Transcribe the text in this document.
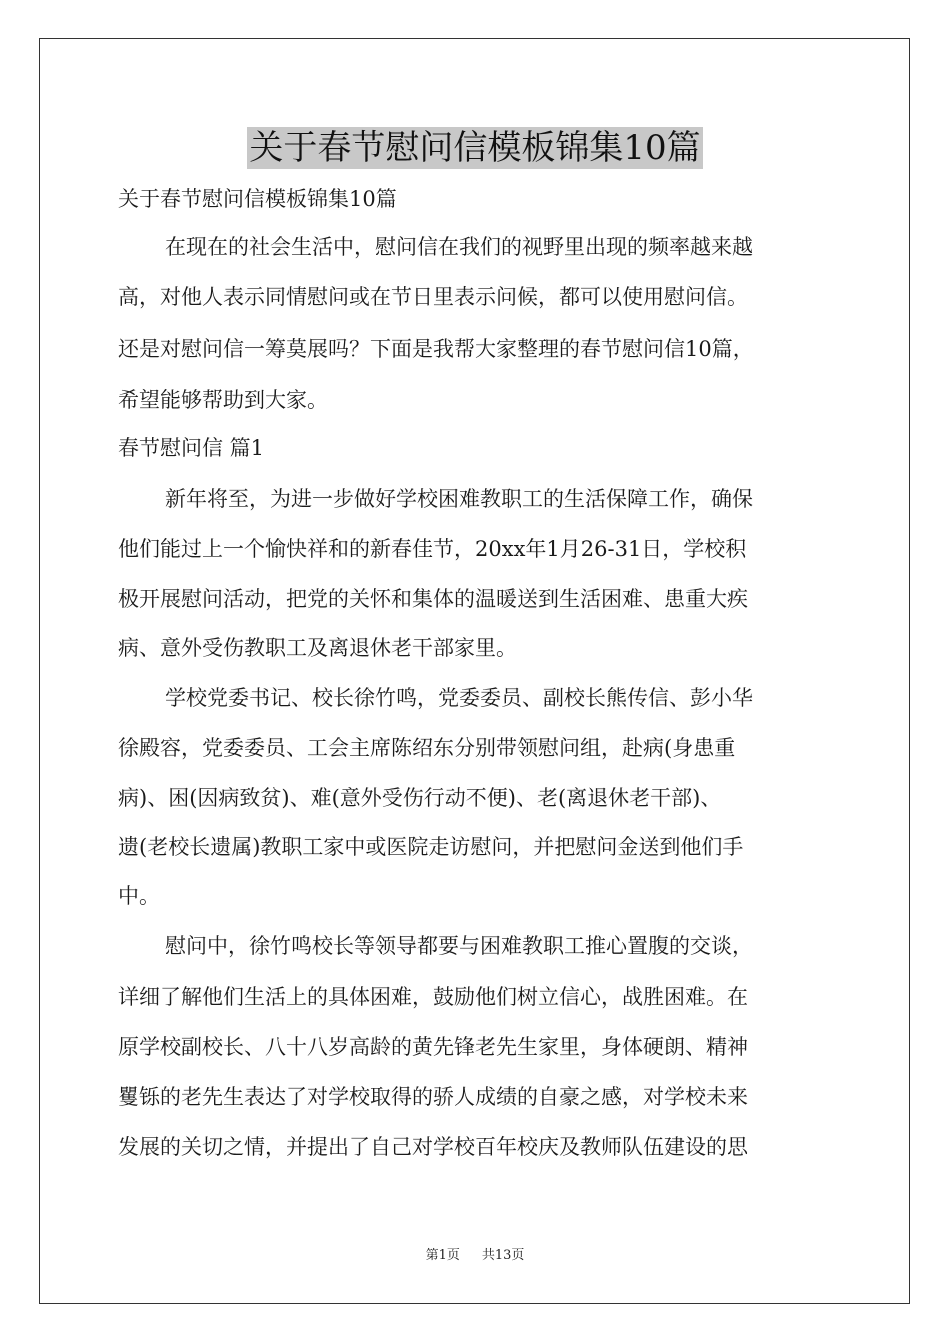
关于春节慰问信模板锦集10篇
关于春节慰问信模板锦集10篇
在现在的社会生活中，慰问信在我们的视野里出现的频率越来越
高，对他人表示同情慰问或在节日里表示问候，都可以使用慰问信。
还是对慰问信一筹莫展吗？下面是我帮大家整理的春节慰问信10篇，
希望能够帮助到大家。
春节慰问信 篇1
新年将至，为进一步做好学校困难教职工的生活保障工作，确保
他们能过上一个愉快祥和的新春佳节，20xx年1月26-31日，学校积
极开展慰问活动，把党的关怀和集体的温暖送到生活困难、患重大疾
病、意外受伤教职工及离退休老干部家里。
学校党委书记、校长徐竹鸣，党委委员、副校长熊传信、彭小华
徐殿容，党委委员、工会主席陈绍东分别带领慰问组，赴病(身患重
病)、困(因病致贫)、难(意外受伤行动不便)、老(离退休老干部)、
遗(老校长遗属)教职工家中或医院走访慰问，并把慰问金送到他们手
中。
慰问中，徐竹鸣校长等领导都要与困难教职工推心置腹的交谈，
详细了解他们生活上的具体困难，鼓励他们树立信心，战胜困难。在
原学校副校长、八十八岁高龄的黄先锋老先生家里，身体硬朗、精神
矍铄的老先生表达了对学校取得的骄人成绩的自豪之感，对学校未来
发展的关切之情，并提出了自己对学校百年校庆及教师队伍建设的思
第1页 共13页
